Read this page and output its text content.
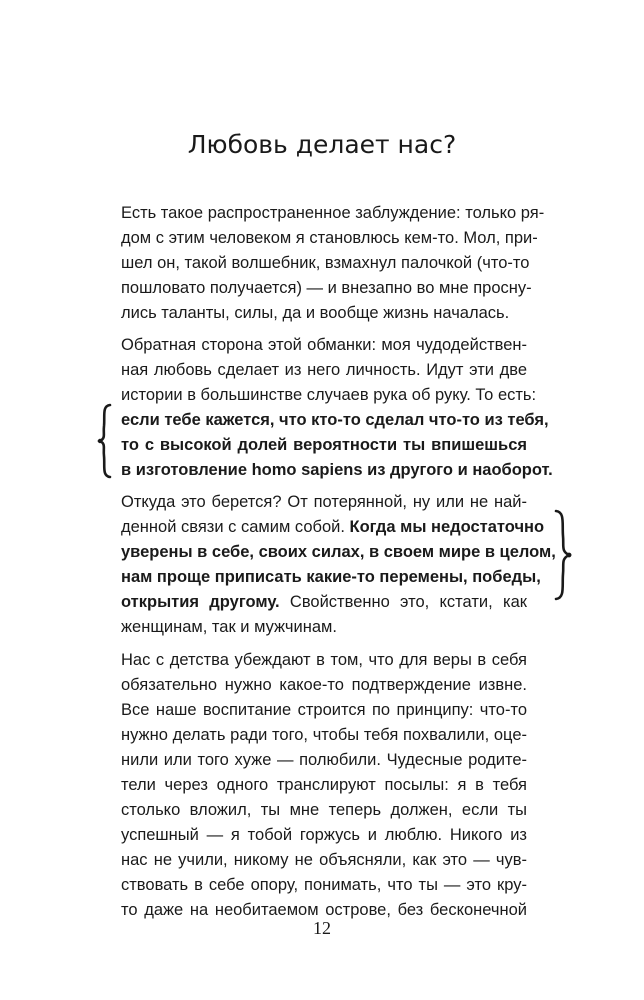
Любовь делает нас?
Есть такое распространенное заблуждение: только ря-
дом с этим человеком я становлюсь кем-то. Мол, при-
шел он, такой волшебник, взмахнул палочкой (что-то
пошловато получается) — и внезапно во мне просну-
лись таланты, силы, да и вообще жизнь началась.
Обратная сторона этой обманки: моя чудодействен-
ная любовь сделает из него личность. Идут эти две
истории в большинстве случаев рука об руку. То есть:
если тебе кажется, что кто-то сделал что-то из тебя,
то с высокой долей вероятности ты впишешься
в изготовление homo sapiens из другого и наоборот.
Откуда это берется? От потерянной, ну или не най-
денной связи с самим собой. Когда мы недостаточно
уверены в себе, своих силах, в своем мире в целом,
нам проще приписать какие-то перемены, победы,
открытия другому. Свойственно это, кстати, как
женщинам, так и мужчинам.
Нас с детства убеждают в том, что для веры в себя
обязательно нужно какое-то подтверждение извне.
Все наше воспитание строится по принципу: что-то
нужно делать ради того, чтобы тебя похвалили, оце-
нили или того хуже — полюбили. Чудесные родите-
тели через одного транслируют посылы: я в тебя
столько вложил, ты мне теперь должен, если ты
успешный — я тобой горжусь и люблю. Никого из
нас не учили, никому не объясняли, как это — чув-
ствовать в себе опору, понимать, что ты — это кру-
то даже на необитаемом острове, без бесконечной
12
